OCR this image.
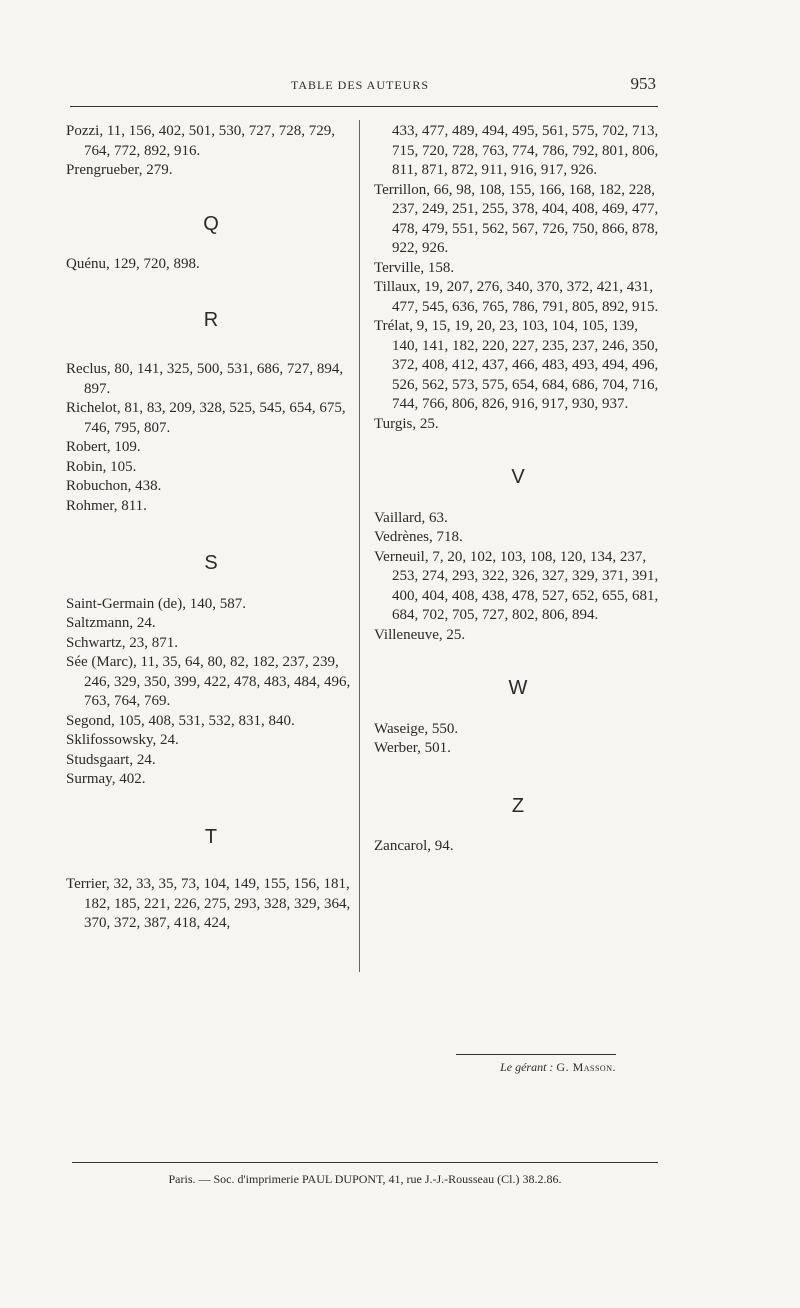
TABLE DES AUTEURS	953

Pozzi, 11, 156, 402, 501, 530, 727, 728, 729, 764, 772, 892, 916.

Prengrueber, 279.

Q

Quénu, 129, 720, 898.

R

Reclus, 80, 141, 325, 500, 531, 686, 727, 894, 897.

Richelot, 81, 83, 209, 328, 525, 545, 654, 675, 746, 795, 807.

Robert, 109.

Robin, 105.

Robuchon, 438.

Rohmer, 811.

S

Saint-Germain (de), 140, 587.

Saltzmann, 24.

Schwartz, 23, 871.

Sée (Marc), 11, 35, 64, 80, 82, 182, 237, 239, 246, 329, 350, 399, 422, 478, 483, 484, 496, 763, 764, 769.

Segond, 105, 408, 531, 532, 831, 840.

Sklifossowsky, 24.

Studsgaart, 24.

Surmay, 402.

T

Terrier, 32, 33, 35, 73, 104, 149, 155, 156, 181, 182, 185, 221, 226, 275, 293, 328, 329, 364, 370, 372, 387, 418, 424,

433, 477, 489, 494, 495, 561, 575, 702, 713, 715, 720, 728, 763, 774, 786, 792, 801, 806, 811, 871, 872, 911, 916, 917, 926.

Terrillon, 66, 98, 108, 155, 166, 168, 182, 228, 237, 249, 251, 255, 378, 404, 408, 469, 477, 478, 479, 551, 562, 567, 726, 750, 866, 878, 922, 926.

Terville, 158.

Tillaux, 19, 207, 276, 340, 370, 372, 421, 431, 477, 545, 636, 765, 786, 791, 805, 892, 915.

Trélat, 9, 15, 19, 20, 23, 103, 104, 105, 139, 140, 141, 182, 220, 227, 235, 237, 246, 350, 372, 408, 412, 437, 466, 483, 493, 494, 496, 526, 562, 573, 575, 654, 684, 686, 704, 716, 744, 766, 806, 826, 916, 917, 930, 937.

Turgis, 25.

V

Vaillard, 63.

Vedrènes, 718.

Verneuil, 7, 20, 102, 103, 108, 120, 134, 237, 253, 274, 293, 322, 326, 327, 329, 371, 391, 400, 404, 408, 438, 478, 527, 652, 655, 681, 684, 702, 705, 727, 802, 806, 894.

Villeneuve, 25.

W

Waseige, 550.

Werber, 501.

Z

Zancarol, 94.

Le gérant : G. Masson.
Paris. — Soc. d'imprimerie PAUL DUPONT, 41, rue J.-J.-Rousseau (Cl.) 38.2.86.
